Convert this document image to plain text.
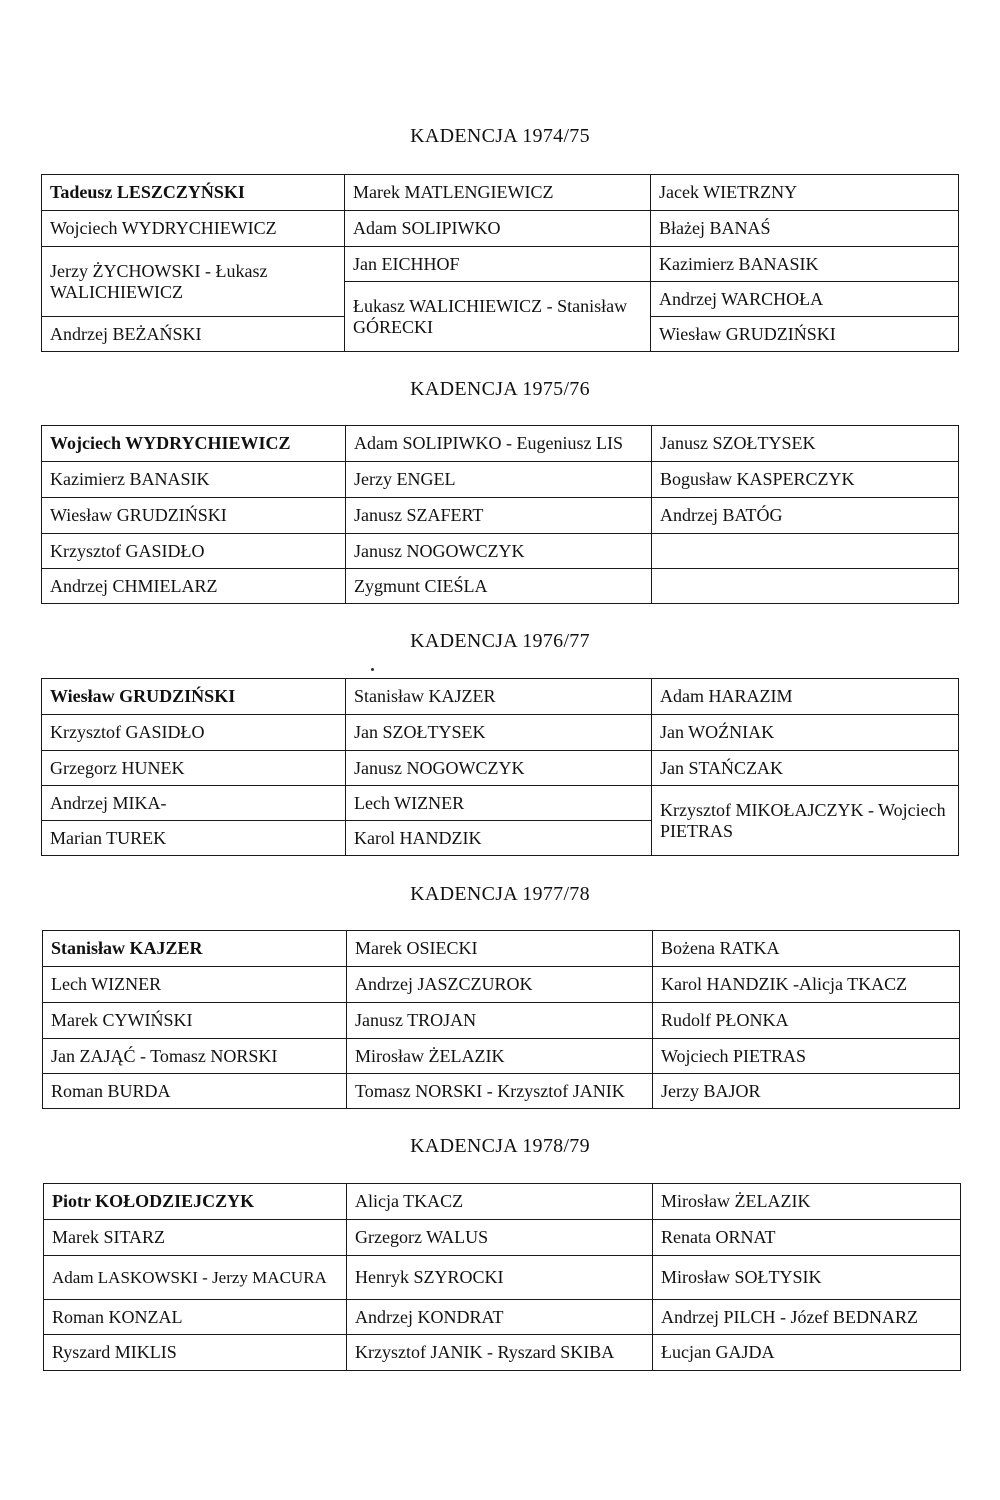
KADENCJA 1974/75
Tadeusz LESZCZYŃSKI	Marek MATLENGIEWICZ	Jacek WIETRZNY
Wojciech WYDRYCHIEWICZ	Adam SOLIPIWKO	Błażej BANAŚ
Jerzy ŻYCHOWSKI - Łukasz WALICHIEWICZ	Jan EICHHOF	Kazimierz BANASIK
	Łukasz WALICHIEWICZ - Stanisław GÓRECKI	Andrzej WARCHOŁA
Andrzej BEŻAŃSKI		Wiesław GRUDZIŃSKI
KADENCJA 1975/76
Wojciech WYDRYCHIEWICZ	Adam SOLIPIWKO - Eugeniusz LIS	Janusz SZOŁTYSEK
Kazimierz BANASIK	Jerzy ENGEL	Bogusław KASPERCZYK
Wiesław GRUDZIŃSKI	Janusz SZAFERT	Andrzej BATÓG
Krzysztof GASIDŁO	Janusz NOGOWCZYK	
Andrzej CHMIELARZ	Zygmunt CIEŚLA	
KADENCJA 1976/77
Wiesław GRUDZIŃSKI	Stanisław KAJZER	Adam HARAZIM
Krzysztof GASIDŁO	Jan SZOŁTYSEK	Jan WOŹNIAK
Grzegorz HUNEK	Janusz NOGOWCZYK	Jan STAŃCZAK
Andrzej MIKA-	Lech WIZNER	Krzysztof MIKOŁAJCZYK - Wojciech PIETRAS
Marian TUREK	Karol HANDZIK	
KADENCJA 1977/78
Stanisław KAJZER	Marek OSIECKI	Bożena RATKA
Lech WIZNER	Andrzej JASZCZUROK	Karol HANDZIK -Alicja TKACZ
Marek CYWIŃSKI	Janusz TROJAN	Rudolf PŁONKA
Jan ZAJĄĆ - Tomasz NORSKI	Mirosław ŻELAZIK	Wojciech PIETRAS
Roman BURDA	Tomasz NORSKI - Krzysztof JANIK	Jerzy BAJOR
KADENCJA 1978/79
Piotr KOŁODZIEJCZYK	Alicja TKACZ	Mirosław ŻELAZIK
Marek SITARZ	Grzegorz WALUS	Renata ORNAT
Adam LASKOWSKI - Jerzy MACURA	Henryk SZYROCKI	Mirosław SOŁTYSIK
Roman KONZAL	Andrzej KONDRAT	Andrzej PILCH - Józef BEDNARZ
Ryszard MIKLIS	Krzysztof JANIK - Ryszard SKIBA	Łucjan GAJDA
